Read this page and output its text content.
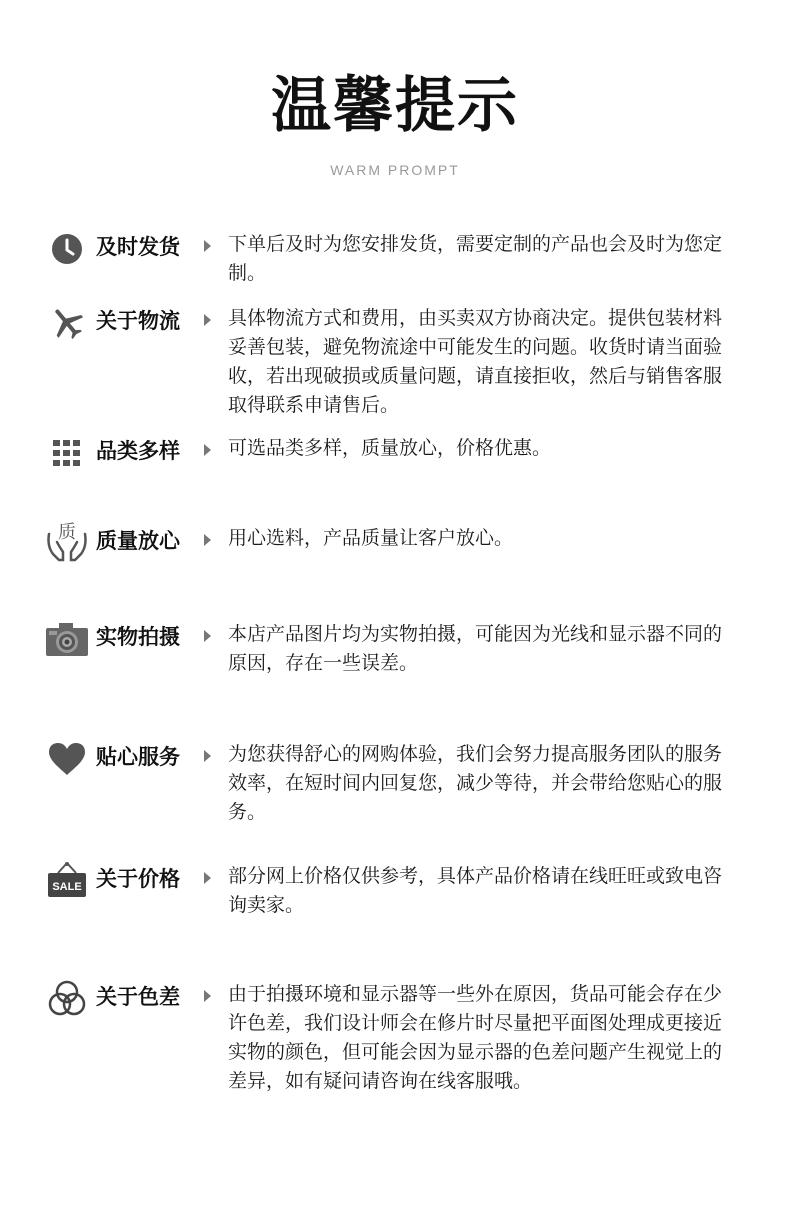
温馨提示
WARM PROMPT
及时发货	下单后及时为您安排发货，需要定制的产品也会及时为您定制。
关于物流	具体物流方式和费用，由买卖双方协商决定。提供包装材料妥善包装，避免物流途中可能发生的问题。收货时请当面验收，若出现破损或质量问题，请直接拒收，然后与销售客服取得联系申请售后。
品类多样	可选品类多样，质量放心，价格优惠。
质 质量放心	用心选料，产品质量让客户放心。
实物拍摄	本店产品图片均为实物拍摄，可能因为光线和显示器不同的原因，存在一些误差。
贴心服务	为您获得舒心的网购体验，我们会努力提高服务团队的服务效率，在短时间内回复您，减少等待，并会带给您贴心的服务。
SALE 关于价格	部分网上价格仅供参考，具体产品价格请在线旺旺或致电咨询卖家。
关于色差	由于拍摄环境和显示器等一些外在原因，货品可能会存在少许色差，我们设计师会在修片时尽量把平面图处理成更接近实物的颜色，但可能会因为显示器的色差问题产生视觉上的差异，如有疑问请咨询在线客服哦。
